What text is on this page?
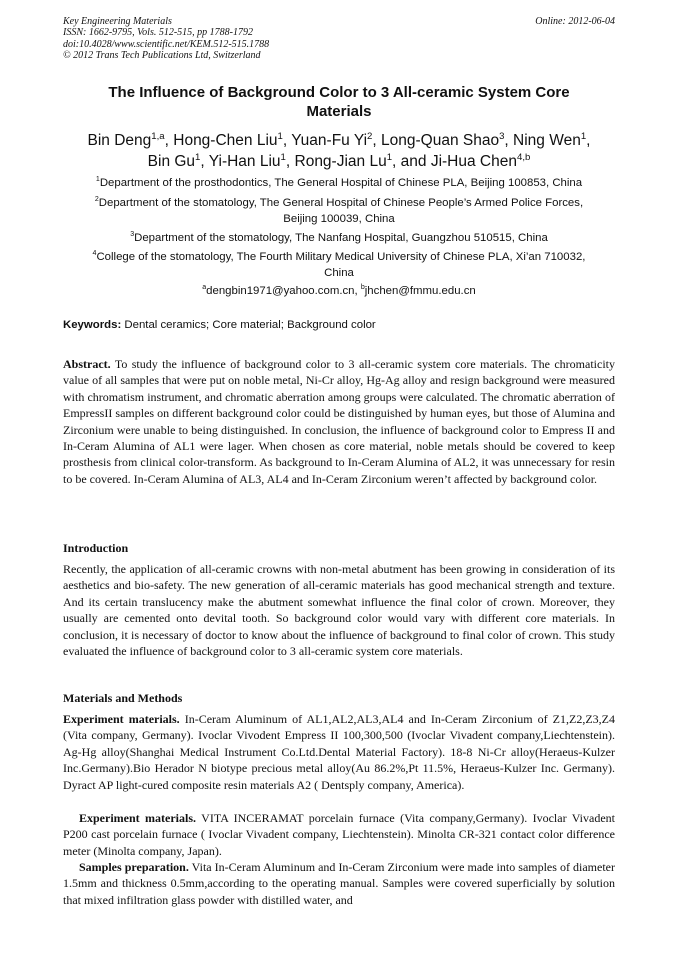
Key Engineering Materials
ISSN: 1662-9795, Vols. 512-515, pp 1788-1792
doi:10.4028/www.scientific.net/KEM.512-515.1788
© 2012 Trans Tech Publications Ltd, Switzerland
Online: 2012-06-04
The Influence of Background Color to 3 All-ceramic System Core
Materials
Bin Deng$^{1,a}$, Hong-Chen Liu$^1$, Yuan-Fu Yi$^2$, Long-Quan Shao$^3$, Ning Wen$^1$,
Bin Gu$^1$, Yi-Han Liu$^1$, Rong-Jian Lu$^1$, and Ji-Hua Chen$^{4,b}$
$^1$Department of the prosthodontics, The General Hospital of Chinese PLA, Beijing 100853, China
$^2$Department of the stomatology, The General Hospital of Chinese People’s Armed Police Forces,
Beijing 100039, China
$^3$Department of the stomatology, The Nanfang Hospital, Guangzhou 510515, China
$^4$College of the stomatology, The Fourth Military Medical University of Chinese PLA, Xi’an 710032,
China
$^a$dengbin1971@yahoo.com.cn, $^b$jhchen@fmmu.edu.cn
Keywords: Dental ceramics; Core material; Background color
Abstract. To study the influence of background color to 3 all-ceramic system core materials. The chromaticity value of all samples that were put on noble metal, Ni-Cr alloy, Hg-Ag alloy and resign background were measured with chromatism instrument, and chromatic aberration among groups were calculated. The chromatic aberration of EmpressII samples on different background color could be distinguished by human eyes, but those of Alumina and Zirconium were unable to being distinguished. In conclusion, the influence of background color to Empress II and In-Ceram Alumina of AL1 were lager. When chosen as core material, noble metals should be covered to keep prosthesis from clinical color-transform. As background to In-Ceram Alumina of AL2, it was unnecessary for resin to be covered. In-Ceram Alumina of AL3, AL4 and In-Ceram Zirconium weren’t affected by background color.
Introduction
Recently, the application of all-ceramic crowns with non-metal abutment has been growing in consideration of its aesthetics and bio-safety. The new generation of all-ceramic materials has good mechanical strength and texture. And its certain translucency make the abutment somewhat influence the final color of crown. Moreover, they usually are cemented onto devital tooth. So background color would vary with different core materials. In conclusion, it is necessary of doctor to know about the influence of background to final color of crown. This study evaluated the influence of background color to 3 all-ceramic system core materials.
Materials and Methods
Experiment materials. In-Ceram Aluminum of AL1,AL2,AL3,AL4 and In-Ceram Zirconium of Z1,Z2,Z3,Z4 (Vita company, Germany). Ivoclar Vivodent Empress II 100,300,500 (Ivoclar Vivadent company,Liechtenstein). Ag-Hg alloy(Shanghai Medical Instrument Co.Ltd.Dental Material Factory). 18-8 Ni-Cr alloy(Heraeus-Kulzer Inc.Germany).Bio Herador N biotype precious metal alloy(Au 86.2%,Pt 11.5%, Heraeus-Kulzer Inc. Germany). Dyract AP light-cured composite resin materials A2 ( Dentsply company, America).
Experiment materials. VITA INCERAMAT porcelain furnace (Vita company,Germany). Ivoclar Vivadent P200 cast porcelain furnace ( Ivoclar Vivadent company, Liechtenstein). Minolta CR-321 contact color difference meter (Minolta company, Japan).
Samples preparation. Vita In-Ceram Aluminum and In-Ceram Zirconium were made into samples of diameter 1.5mm and thickness 0.5mm,according to the operating manual. Samples were covered superficially by solution that mixed infiltration glass powder with distilled water, and
